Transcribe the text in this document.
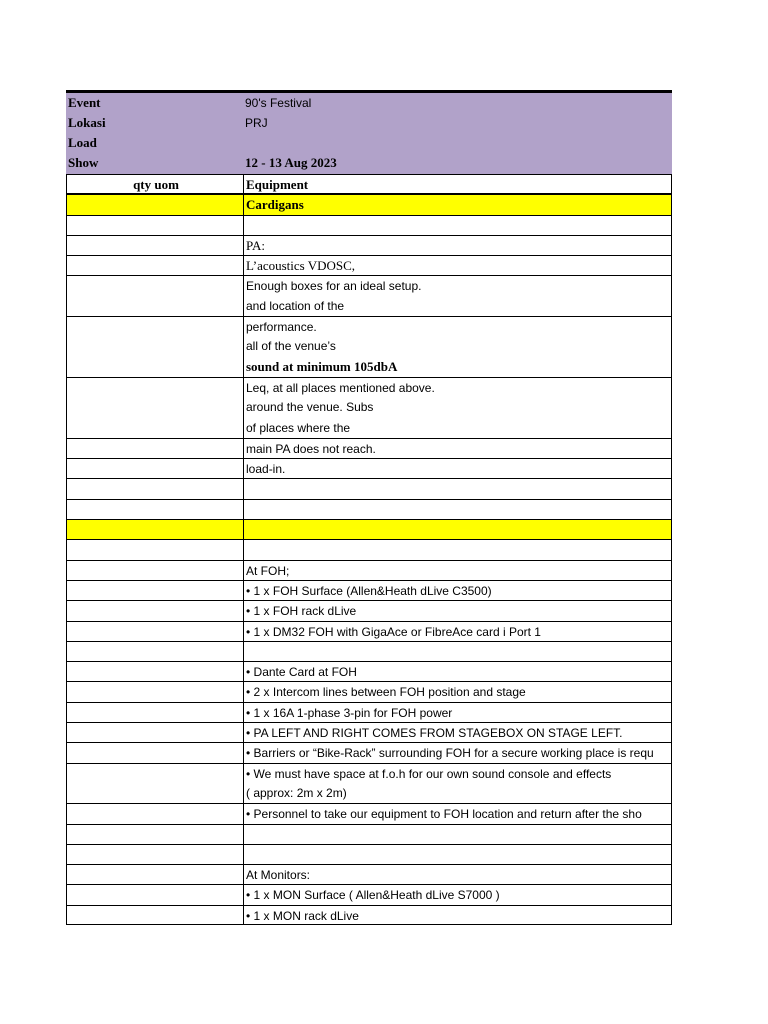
Event	90's Festival
Lokasi	PRJ
Load
Show	12 - 13 Aug 2023
qty uom	Equipment
Cardigans
PA:
L’acoustics VDOSC,
Enough boxes for an ideal setup.
and location of the
performance.
all of the venue’s
sound at minimum 105dbA
Leq, at all places mentioned above.
around the venue. Subs
of places where the
main PA does not reach.
load-in.
At FOH;
• 1 x FOH Surface (Allen&Heath dLive C3500)
• 1 x FOH rack dLive
• 1 x DM32 FOH with GigaAce or FibreAce card i Port 1
• Dante Card at FOH
• 2 x Intercom lines between FOH position and stage
• 1 x 16A 1-phase 3-pin for FOH power
• PA LEFT AND RIGHT COMES FROM STAGEBOX ON STAGE LEFT.
• Barriers or “Bike-Rack” surrounding FOH for a secure working place is requ
• We must have space at f.o.h for our own sound console and effects
( approx: 2m x 2m)
• Personnel to take our equipment to FOH location and return after the sho
At Monitors:
• 1 x MON Surface ( Allen&Heath dLive S7000 )
• 1 x MON rack dLive
